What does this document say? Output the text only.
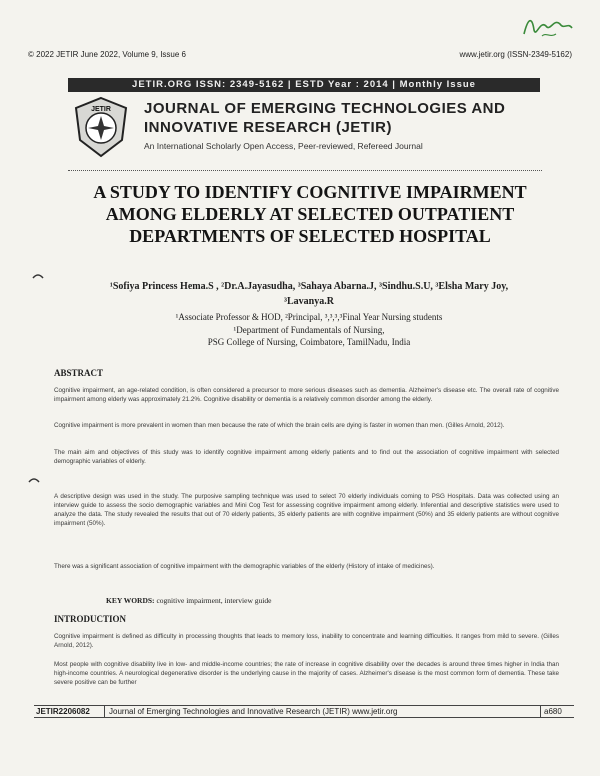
Sofiya
© 2022 JETIR June 2022, Volume 9, Issue 6	www.jetir.org (ISSN-2349-5162)
JETIR.ORG ISSN: 2349-5162 | ESTD Year : 2014 | Monthly Issue
JETIR JOURNAL OF EMERGING TECHNOLOGIES AND INNOVATIVE RESEARCH (JETIR)
An International Scholarly Open Access, Peer-reviewed, Refereed Journal
A STUDY TO IDENTIFY COGNITIVE IMPAIRMENT AMONG ELDERLY AT SELECTED OUTPATIENT DEPARTMENTS OF SELECTED HOSPITAL
¹Sofiya Princess Hema.S , ²Dr.A.Jayasudha, ³Sahaya Abarna.J, ³Sindhu.S.U, ³Elsha Mary Joy, ³Lavanya.R
¹Associate Professor & HOD, ²Principal, ³,³,³,³Final Year Nursing students
¹Department of Fundamentals of Nursing,
PSG College of Nursing, Coimbatore, TamilNadu, India
ABSTRACT
Cognitive impairment, an age-related condition, is often considered a precursor to more serious diseases such as dementia. Alzheimer's disease etc. The overall rate of cognitive impairment among elderly was approximately 21.2%. Cognitive disability or dementia is a relatively common disorder among the elderly.
Cognitive impairment is more prevalent in women than men because the rate of which the brain cells are dying is faster in women than men. (Gilles Arnold, 2012).
The main aim and objectives of this study was to identify cognitive impairment among elderly patients and to find out the association of cognitive impairment with selected demographic variables of elderly.
A descriptive design was used in the study. The purposive sampling technique was used to select 70 elderly individuals coming to PSG Hospitals. Data was collected using an interview guide to assess the socio demographic variables and Mini Cog Test for assessing cognitive impairment among elderly. Inferential and descriptive statistics were used to analyze the data. The study revealed the results that out of 70 elderly patients, 35 elderly patients are with cognitive impairment (50%) and 35 elderly patients are without cognitive impairment (50%).
There was a significant association of cognitive impairment with the demographic variables of the elderly (History of intake of medicines).
KEY WORDS: cognitive impairment, interview guide
INTRODUCTION
Cognitive impairment is defined as difficulty in processing thoughts that leads to memory loss, inability to concentrate and learning difficulties. It ranges from mild to severe. (Gilles Arnold, 2012).
Most people with cognitive disability live in low- and middle-income countries; the rate of increase in cognitive disability over the decades is around three times higher in India than high-income countries. A neurological degenerative disorder is the underlying cause in the majority of cases. Alzheimer's disease is the most common form of dementia. These take severe positive can be further
JETIR2206082	Journal of Emerging Technologies and Innovative Research (JETIR) www.jetir.org	a680
